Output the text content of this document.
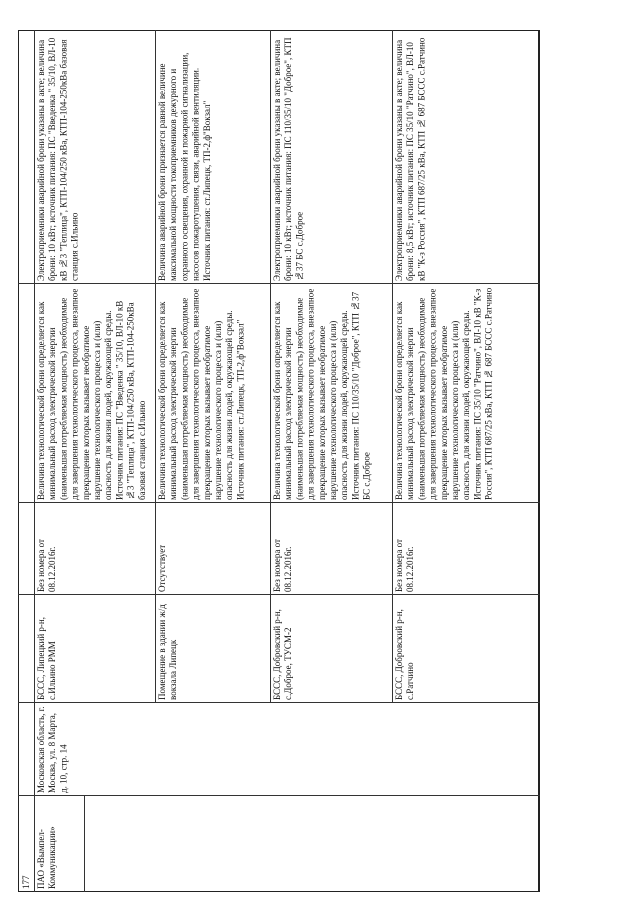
177 ПАО «Вымпел-Коммуникации»
Московская область, г. Москва, ул. 8 Марта, д. 10, стр. 14
БССС, Липецкий р-н, с.Ильино РММ
Без номера от 08.12.2016г.
Величина технологической брони определяется как минимальный расход электрической энергии (наименьшая потребляемая мощность) необходимые для завершения технологического процесса, внезапное прекращение которых вызывает необратимое нарушение технологического процесса и (или) опасность для жизни людей, окружающей среды. Источник питания: ПС "Введенка " 35/10, ВЛ-10 кВ №3 "Теплица", КТП-104/250 кВа, КТП-104-250кВа базовая станция с.Ильино
Электроприемники аварийной брони указаны в акте; величина брони: 10 кВт; источник питания: ПС "Введенка " 35/10, ВЛ-10 кВ №3 "Теплица", КТП-104/250 кВа, КТП-104-250кВа базовая станция с.Ильино
Помещение в здании ж/д вокзала Липецк
Отсутствует
Величина технологической брони определяется как минимальный расход электрической энергии (наименьшая потребляемая мощность) необходимые для завершения технологического процесса, внезапное прекращение которых вызывает необратимое нарушение технологического процесса и (или) опасность для жизни людей, окружающей среды. Источник питания: ст.Липецк, ТП-2,ф"Вокзал"
Величина аварийной брони признается равной величине максимальной мощности токоприемников дежурного и охранного освещения, охранной и пожарной сигнализации, насосов пожаротушения, связи, аварийной вентиляции. Источник питания: ст.Липецк, ТП-2,ф"Вокзал"
БССС, Добровский р-н, с.Доброе, ТУСМ-2
Без номера от 08.12.2016г.
Величина технологической брони определяется как минимальный расход электрической энергии (наименьшая потребляемая мощность) необходимые для завершения технологического процесса, внезапное прекращение которых вызывает необратимое нарушение технологического процесса и (или) опасность для жизни людей, окружающей среды. Источник питания: ПС 110/35/10 "Доброе", КТП №37 БС с.Доброе
Электроприемники аварийной брони указаны в акте; величина брони: 10 кВт; источник питания: ПС 110/35/10 "Доброе", КТП №37 БС с.Доброе
БССС, Добровский р-н, с.Ратчино
Без номера от 08.12.2016г.
Величина технологической брони определяется как минимальный расход электрической энергии (наименьшая потребляемая мощность) необходимые для завершения технологического процесса, внезапное прекращение которых вызывает необратимое нарушение технологического процесса и (или) опасность для жизни людей, окружающей среды. Источник питания: ПС 35/10 "Ратчино", ВЛ-10 кВ "К-з Россия", КТП 687/25 кВа, КТП № 687 БССС с.Ратчино
Электроприемники аварийной брони указаны в акте; величина брони: 8,5 кВт; источник питания: ПС 35/10 "Ратчино", ВЛ-10 кВ "К-з Россия", КТП 687/25 кВа, КТП № 687 БССС с.Ратчино
